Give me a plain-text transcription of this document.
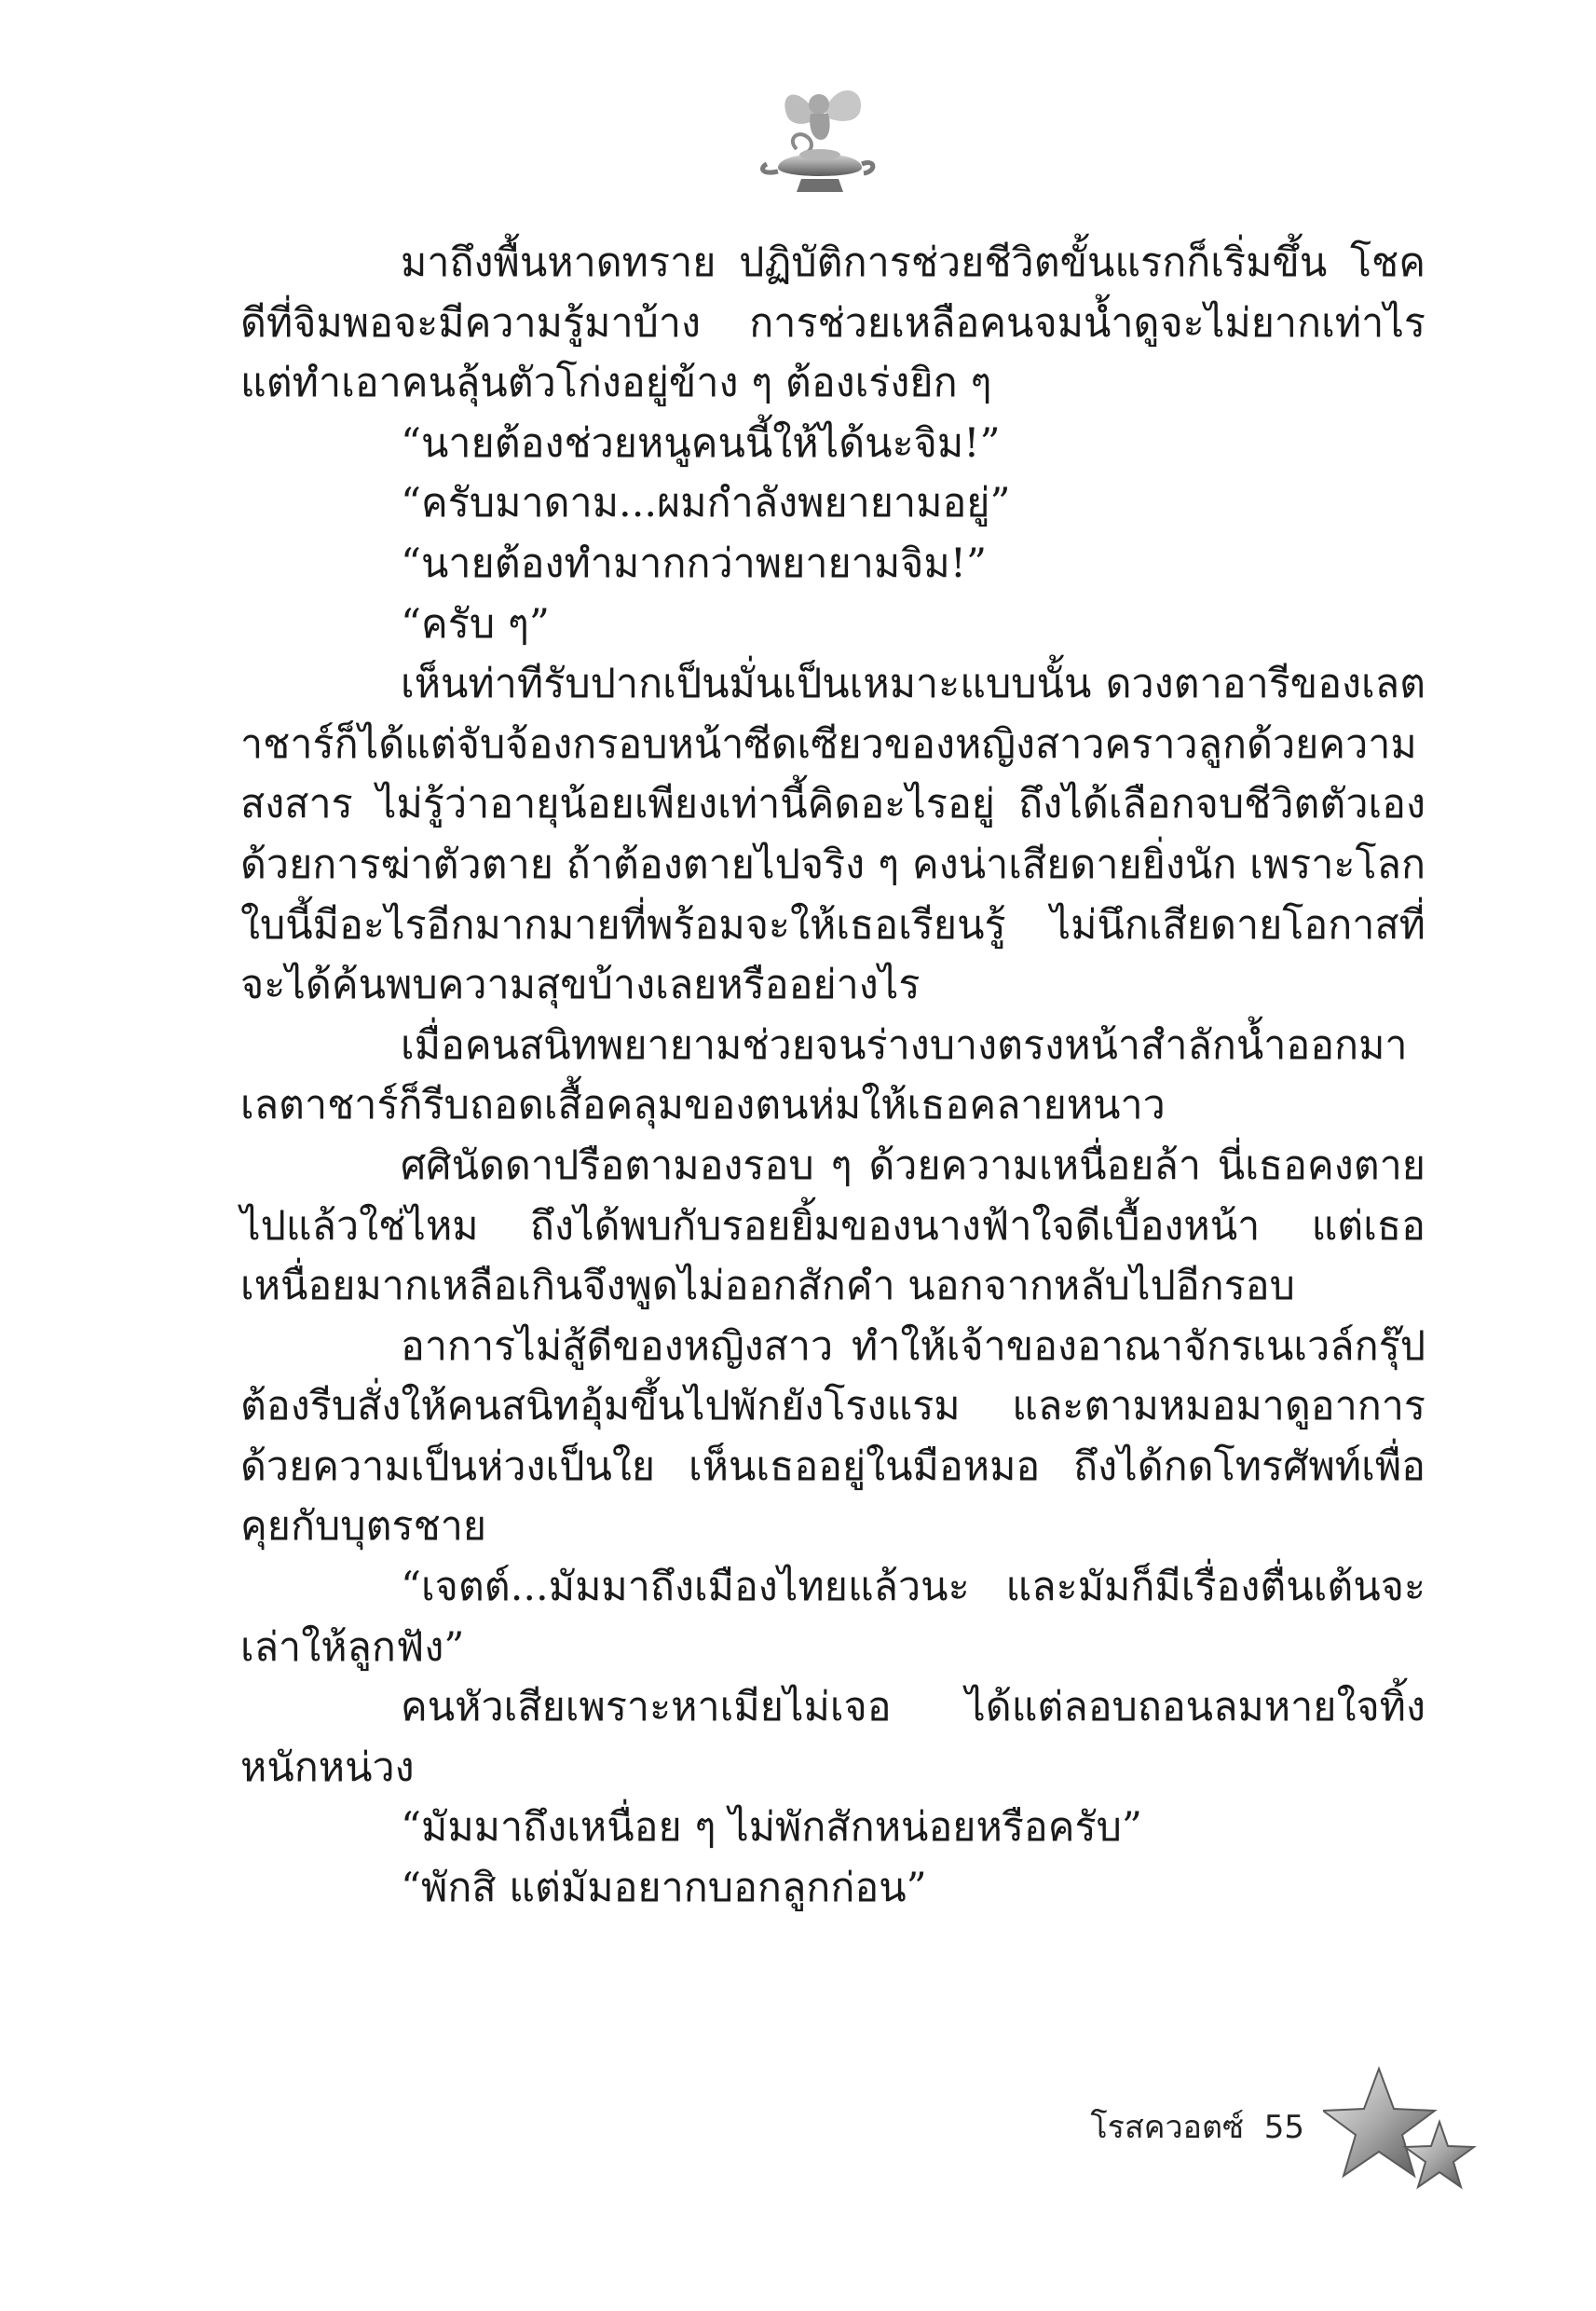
มาถึงพื้นหาดทราย ปฏิบัติการช่วยชีวิตขั้นแรกก็เริ่มขึ้น โชคดีที่จิมพอจะมีความรู้มาบ้าง การช่วยเหลือคนจมน้ำดูจะไม่ยากเท่าไร แต่ทำเอาคนลุ้นตัวโก่งอยู่ข้าง ๆ ต้องเร่งยิก ๆ

“นายต้องช่วยหนูคนนี้ให้ได้นะจิม!”

“ครับมาดาม...ผมกำลังพยายามอยู่”

“นายต้องทำมากกว่าพยายามจิม!”

“ครับ ๆ”

เห็นท่าทีรับปากเป็นมั่นเป็นเหมาะแบบนั้น ดวงตาอารีของเลตาชาร์ก็ได้แต่จับจ้องกรอบหน้าซีดเซียวของหญิงสาวคราวลูกด้วยความสงสาร ไม่รู้ว่าอายุน้อยเพียงเท่านี้คิดอะไรอยู่ ถึงได้เลือกจบชีวิตตัวเองด้วยการฆ่าตัวตาย ถ้าต้องตายไปจริง ๆ คงน่าเสียดายยิ่งนัก เพราะโลกใบนี้มีอะไรอีกมากมายที่พร้อมจะให้เธอเรียนรู้ ไม่นึกเสียดายโอกาสที่จะได้ค้นพบความสุขบ้างเลยหรืออย่างไร

เมื่อคนสนิทพยายามช่วยจนร่างบางตรงหน้าสำลักน้ำออกมา เลตาชาร์ก็รีบถอดเสื้อคลุมของตนห่มให้เธอคลายหนาว

ศศินัดดาปรือตามองรอบ ๆ ด้วยความเหนื่อยล้า นี่เธอคงตายไปแล้วใช่ไหม ถึงได้พบกับรอยยิ้มของนางฟ้าใจดีเบื้องหน้า แต่เธอเหนื่อยมากเหลือเกินจึงพูดไม่ออกสักคำ นอกจากหลับไปอีกรอบ

อาการไม่สู้ดีของหญิงสาว ทำให้เจ้าของอาณาจักรเนเวล์กรุ๊ปต้องรีบสั่งให้คนสนิทอุ้มขึ้นไปพักยังโรงแรม และตามหมอมาดูอาการด้วยความเป็นห่วงเป็นใย เห็นเธออยู่ในมือหมอ ถึงได้กดโทรศัพท์เพื่อคุยกับบุตรชาย

“เจตต์...มัมมาถึงเมืองไทยแล้วนะ และมัมก็มีเรื่องตื่นเต้นจะเล่าให้ลูกฟัง”

คนหัวเสียเพราะหาเมียไม่เจอ ได้แต่ลอบถอนลมหายใจทิ้งหนักหน่วง

“มัมมาถึงเหนื่อย ๆ ไม่พักสักหน่อยหรือครับ”

“พักสิ แต่มัมอยากบอกลูกก่อน”

โรสควอตซ์ 55
